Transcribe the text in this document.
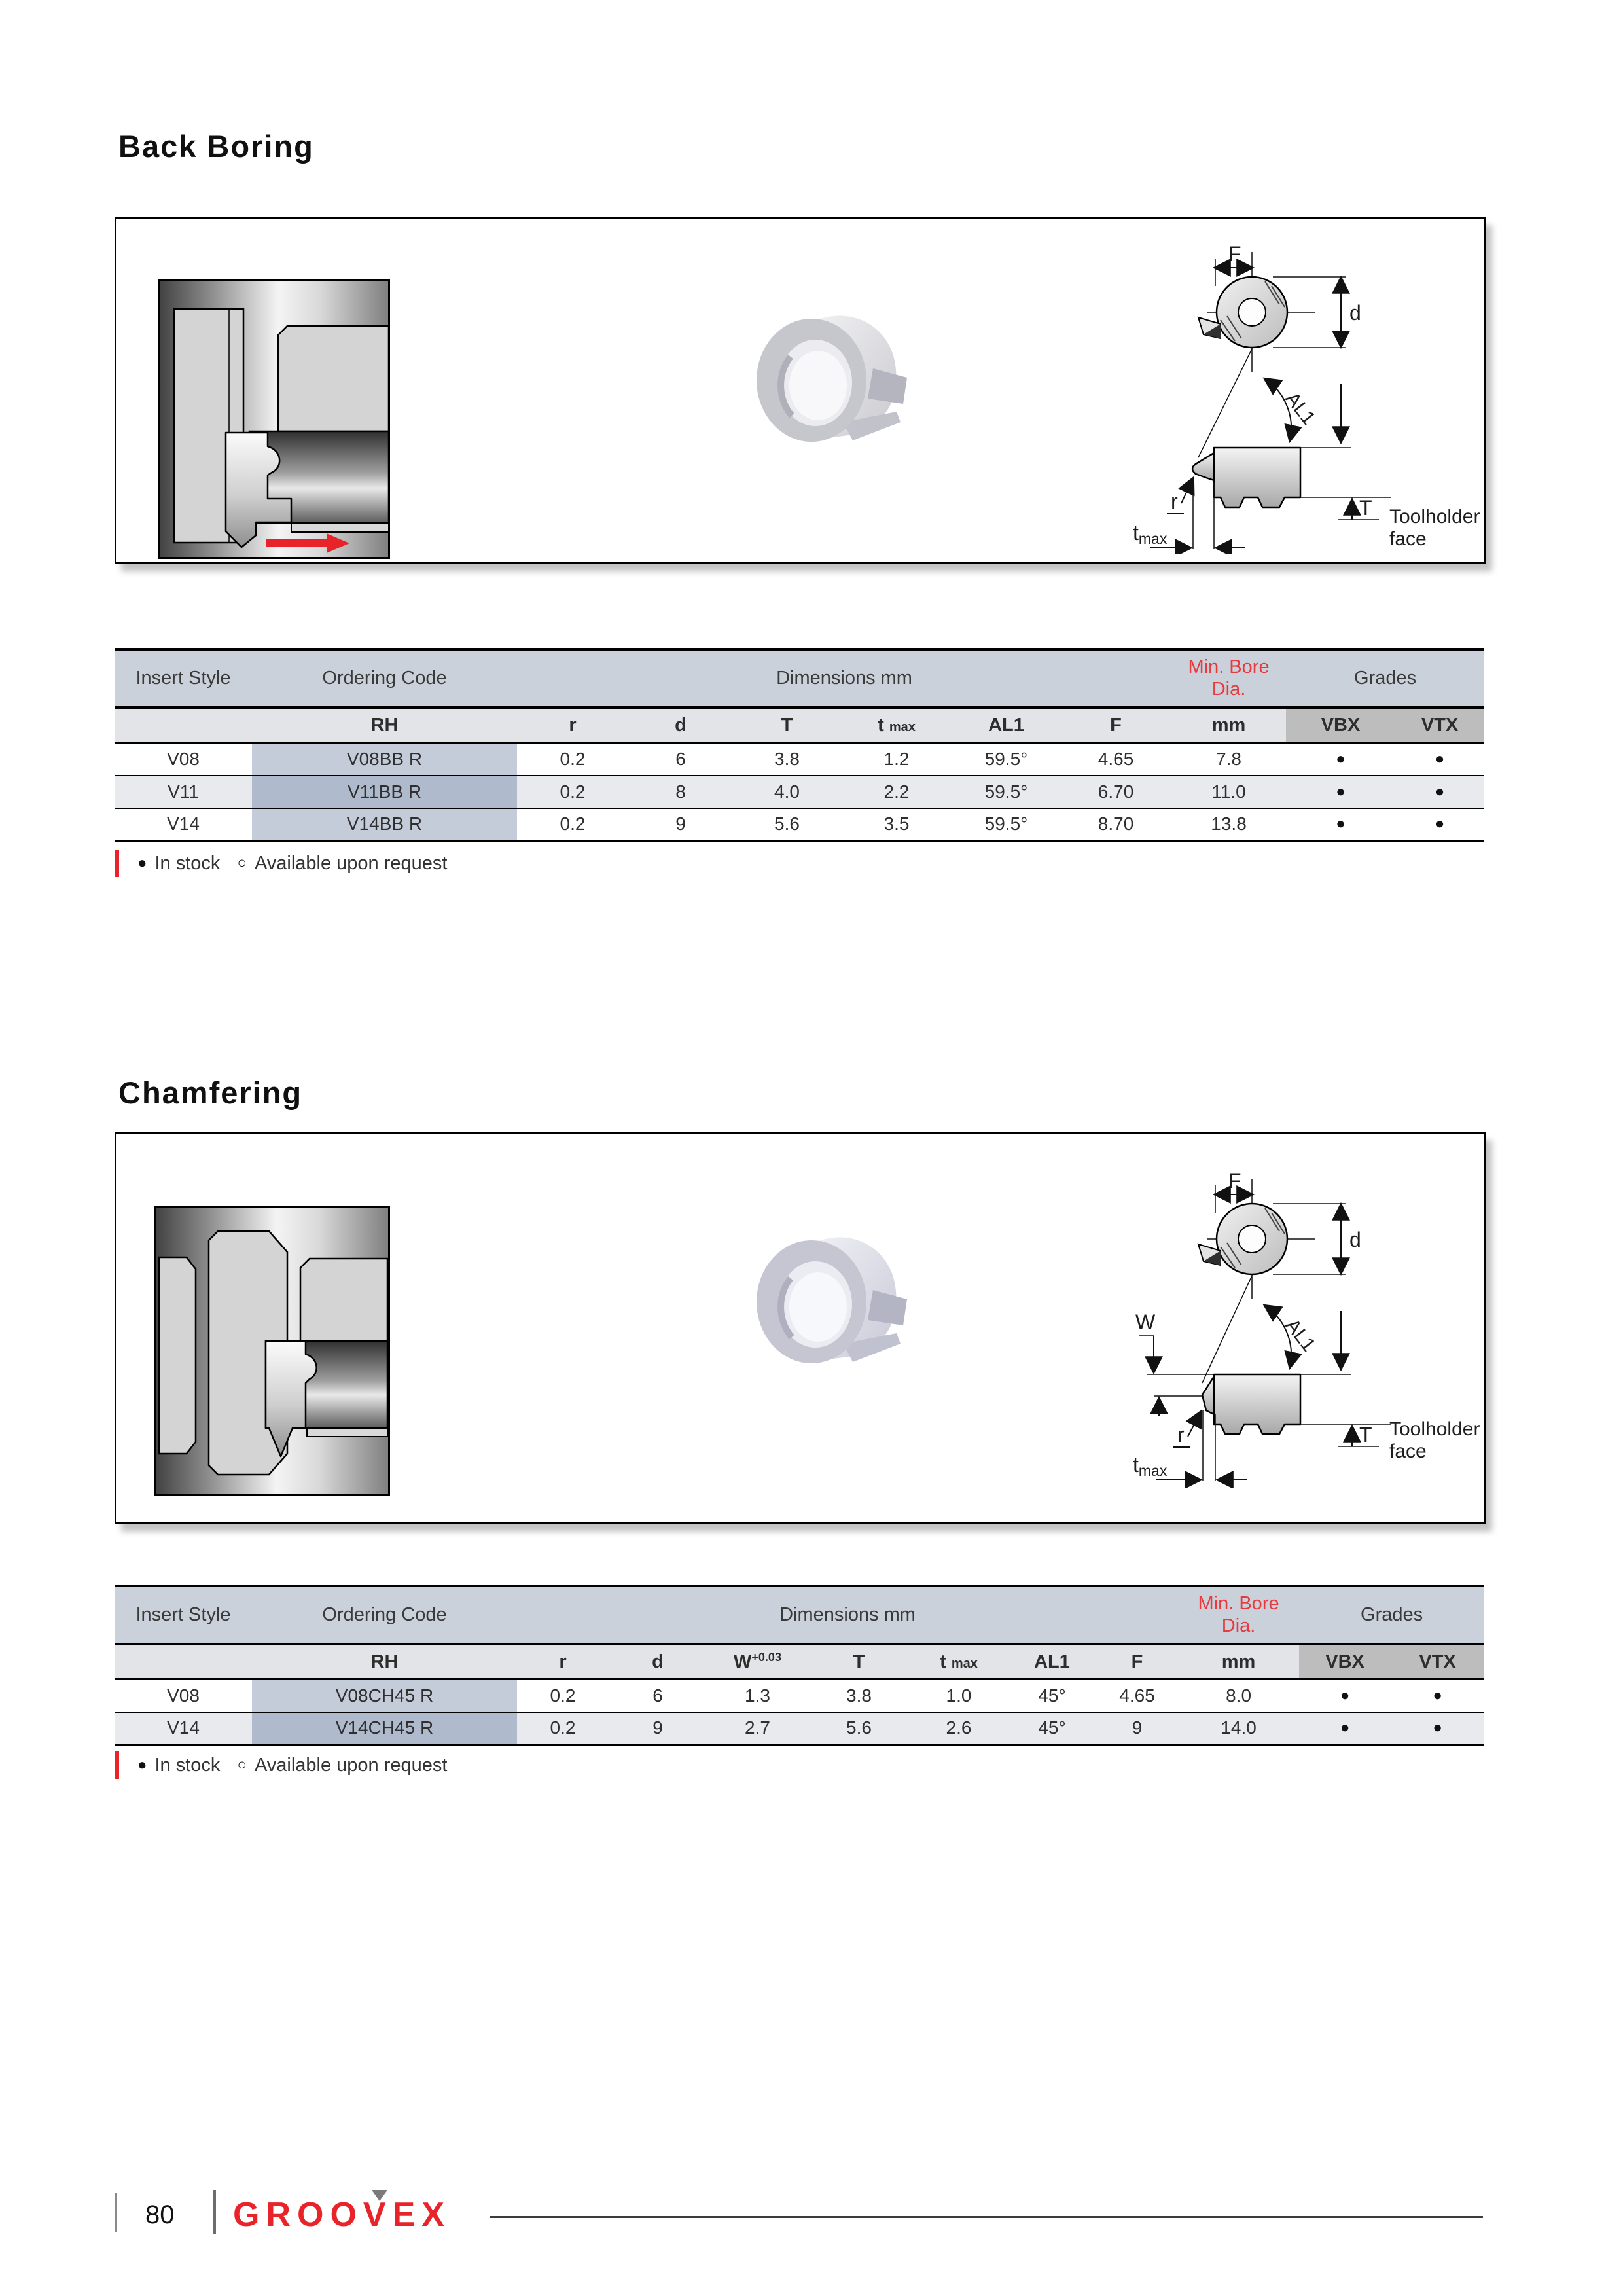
Back Boring
F
d
AL1
r
tmax
T Toolholder
face
Insert Style	Ordering Code	Dimensions mm						Min. Bore
Dia.	Grades	
	RH	r	d	T	t max	AL1	F	mm	VBX	VTX
V08	V08BB R	0.2	6	3.8	1.2	59.5°	4.65	7.8	●	●
V11	V11BB R	0.2	8	4.0	2.2	59.5°	6.70	11.0	●	●
V14	V14BB R	0.2	9	5.6	3.5	59.5°	8.70	13.8	●	●
● In stock ○ Available upon request
Chamfering
F
d
W	AL1
r
tmax
T Toolholder
face
Insert Style	Ordering Code	Dimensions mm							Min. Bore
Dia.	Grades	
	RH	r	d	$W^{+0.03}$	T	t max	AL1	F	mm	VBX	VTX
V08	V08CH45 R	0.2	6	1.3	3.8	1.0	45°	4.65	8.0	●	●
V14	V14CH45 R	0.2	9	2.7	5.6	2.6	45°	9	14.0	●	●
● In stock ○ Available upon request
80 GROOVEX
